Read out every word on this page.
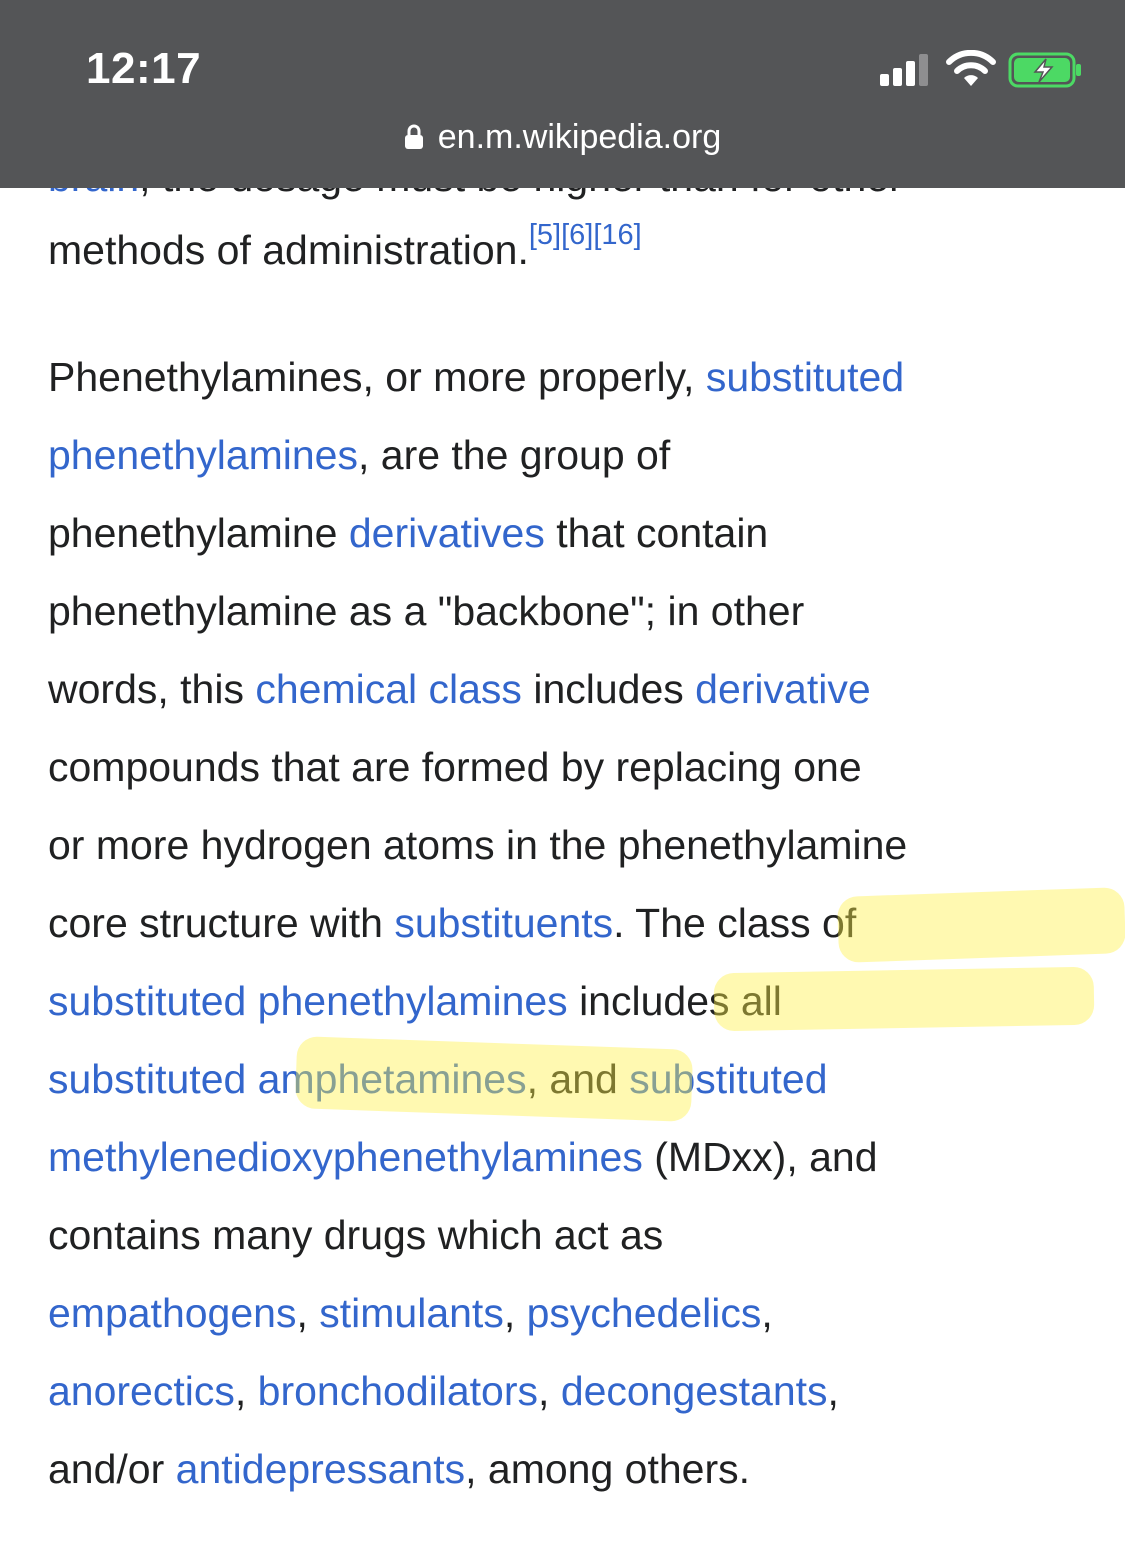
12:17
en.m.wikipedia.org
methods of administration.[5][6][16]
Phenethylamines, or more properly, substituted
phenethylamines, are the group of
phenethylamine derivatives that contain
phenethylamine as a "backbone"; in other
words, this chemical class includes derivative
compounds that are formed by replacing one
or more hydrogen atoms in the phenethylamine
core structure with substituents. The class of
substituted phenethylamines includes all
substituted amphetamines, and substituted
methylenedioxyphenethylamines (MDxx), and
contains many drugs which act as
empathogens, stimulants, psychedelics,
anorectics, bronchodilators, decongestants,
and/or antidepressants, among others.
